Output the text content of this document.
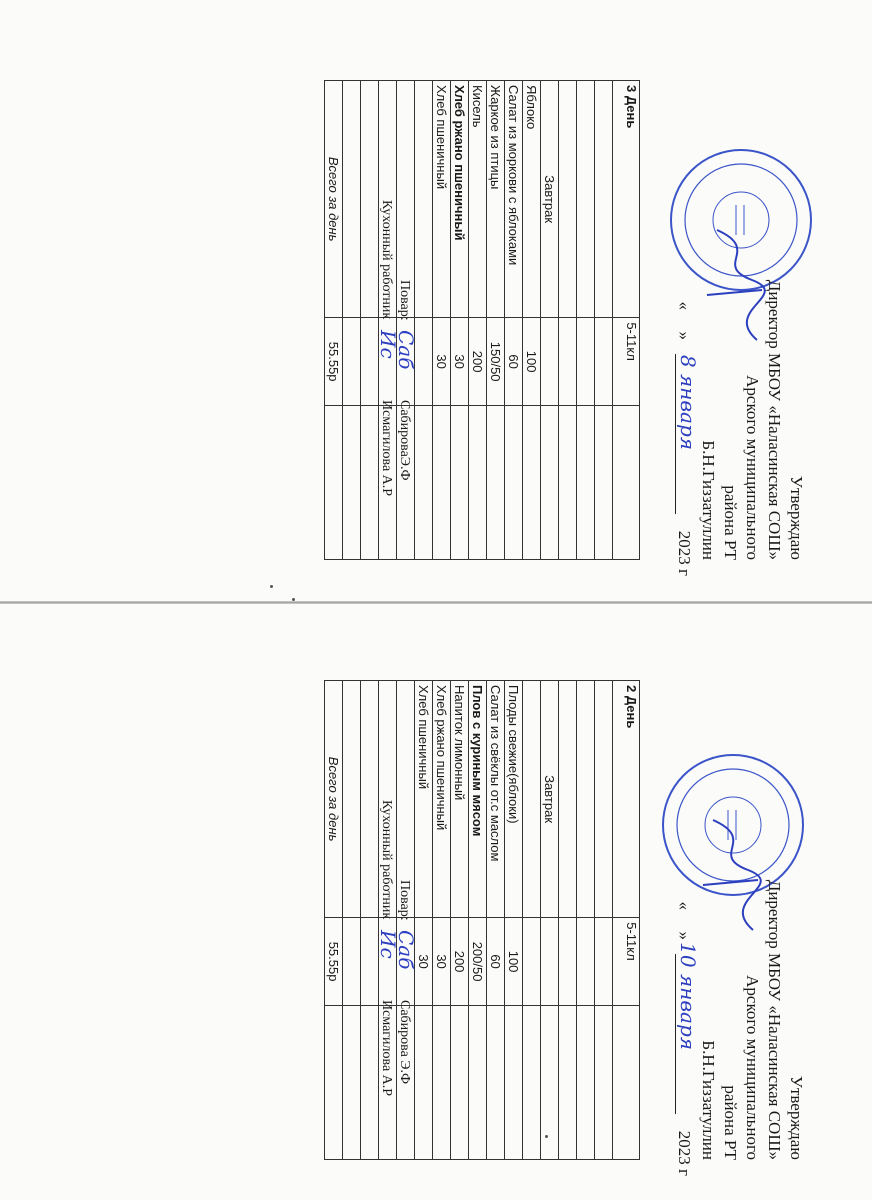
Утверждаю
Директор МБОУ «Наласинская СОШ»
Арского муниципального
района РТ
Б.Н.Гиззатуллин
«
8 января
»
2023 г
3 День	5-11кл	

Завтрак		
Яблоко	100	
Салат из моркови с яблоками	60	
Жаркое из птицы	150/50	
Кисель	200	
Хлеб ржано пшеничный	30	
Хлеб пшеничный	30	

Всего за день	55.55р	
Повар:
Саб
СабироваЭ.Ф
Кухонный работник
Ис
Исмагилова А.Р
Утверждаю
Директор МБОУ «Наласинская СОШ»
Арского муниципального
района РТ
Б.Н.Гиззатуллин
«
10 января
»
2023 г
2 День	5-11кл	

Завтрак		

Плоды свежие(яблоки)	100	
Салат из свёклы от.с маслом	60	
Плов с куриным мясом	200/50	
Напиток лимонный	200	
Хлеб ржано пшеничный	30	
Хлеб пшеничный	30	

Всего за день	55.55р	
Повар:
Саб
Сабирова Э.Ф
Кухонный работник
Ис
Исмагилова А.Р
